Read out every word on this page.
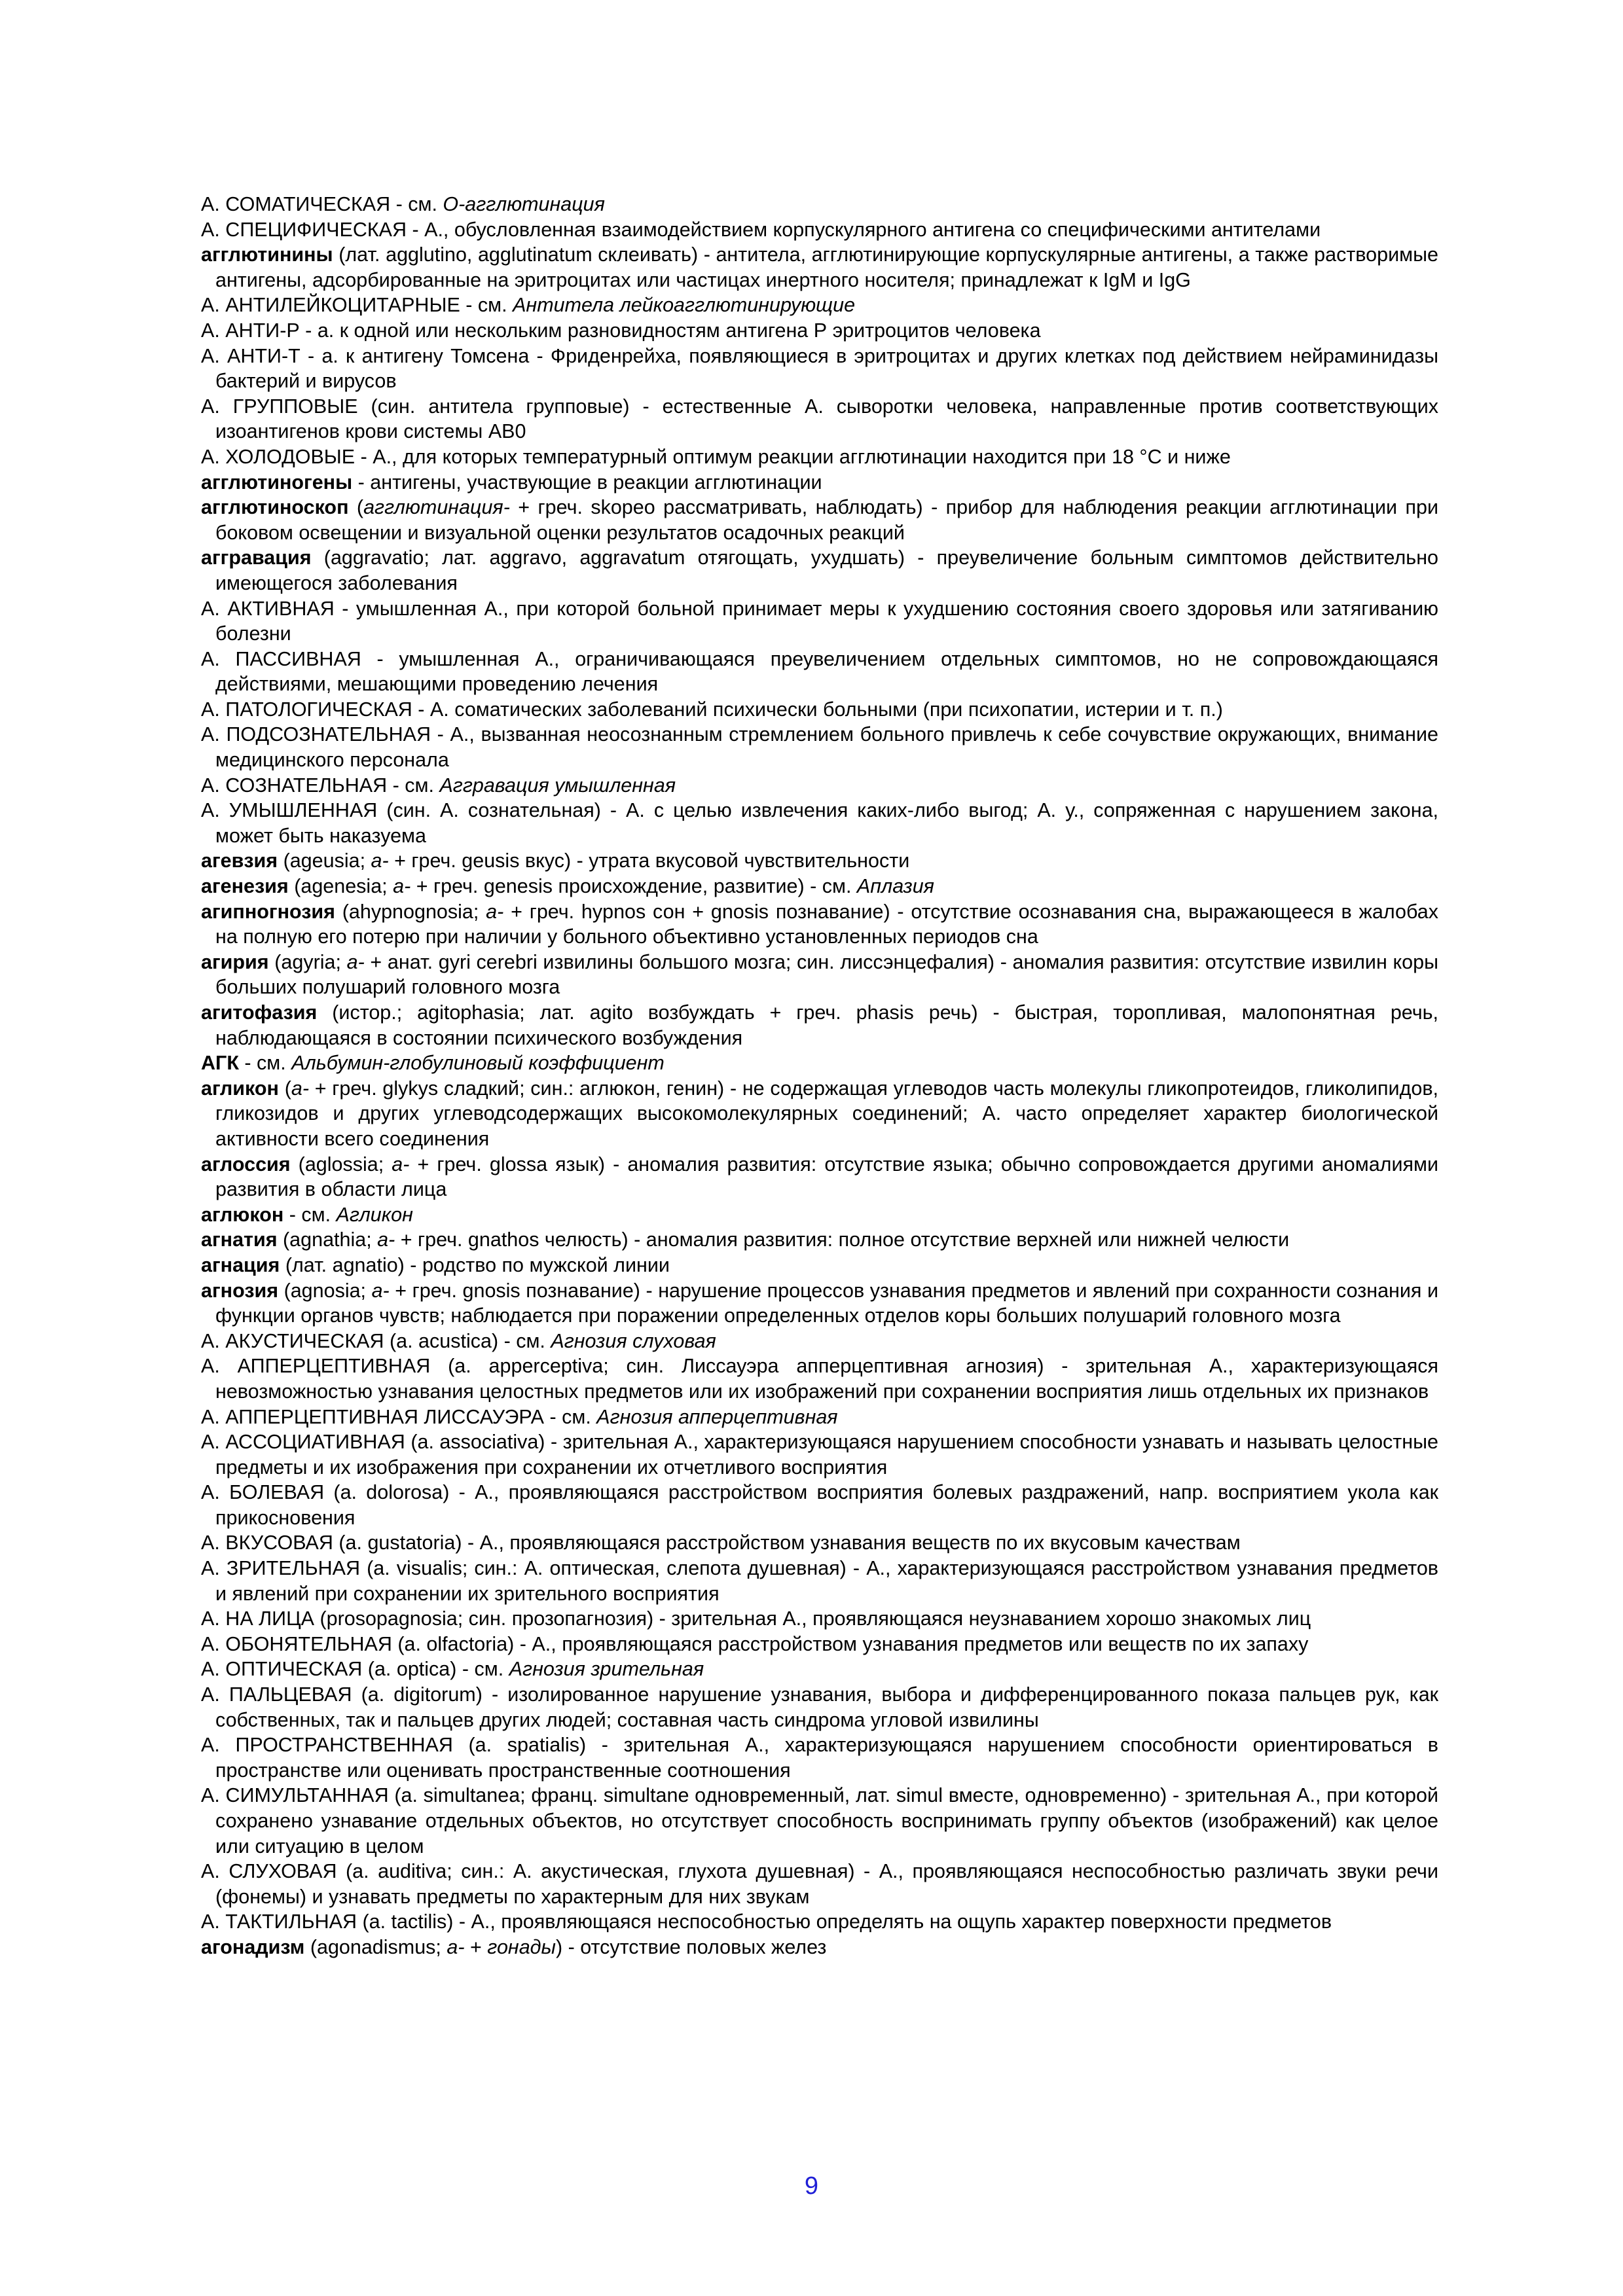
А. СОМАТИЧЕСКАЯ - см. О-агглютинация

А. СПЕЦИФИЧЕСКАЯ - А., обусловленная взаимодействием корпускулярного антигена со специфическими антителами

агглютинины (лат. agglutino, agglutinatum склеивать) - антитела, агглютинирующие корпускулярные антигены, а также растворимые антигены, адсорбированные на эритроцитах или частицах инертного носителя; принадлежат к IgM и IgG

А. АНТИЛЕЙКОЦИТАРНЫЕ - см. Антитела лейкоагглютинирующие

А. АНТИ-Р - а. к одной или нескольким разновидностям антигена Р эритроцитов человека

А. АНТИ-Т - а. к антигену Томсена - Фриденрейха, появляющиеся в эритроцитах и других клетках под действием нейраминидазы бактерий и вирусов

А. ГРУППОВЫЕ (син. антитела групповые) - естественные А. сыворотки человека, направленные против соответствующих изоантигенов крови системы АВ0

А. ХОЛОДОВЫЕ - А., для которых температурный оптимум реакции агглютинации находится при 18 °С и ниже

агглютиногены - антигены, участвующие в реакции агглютинации

агглютиноскоп (агглютинация- + греч. skopeo рассматривать, наблюдать) - прибор для наблюдения реакции агглютинации при боковом освещении и визуальной оценки результатов осадочных реакций

аггравация (aggravatio; лат. aggravo, aggravatum отягощать, ухудшать) - преувеличение больным симптомов действительно имеющегося заболевания

А. АКТИВНАЯ - умышленная А., при которой больной принимает меры к ухудшению состояния своего здоровья или затягиванию болезни

А. ПАССИВНАЯ - умышленная А., ограничивающаяся преувеличением отдельных симптомов, но не сопровождающаяся действиями, мешающими проведению лечения

А. ПАТОЛОГИЧЕСКАЯ - А. соматических заболеваний психически больными (при психопатии, истерии и т. п.)

А. ПОДСОЗНАТЕЛЬНАЯ - А., вызванная неосознанным стремлением больного привлечь к себе сочувствие окружающих, внимание медицинского персонала

А. СОЗНАТЕЛЬНАЯ - см. Аггравация умышленная

А. УМЫШЛЕННАЯ (син. А. сознательная) - А. с целью извлечения каких-либо выгод; А. у., сопряженная с нарушением закона, может быть наказуема

агевзия (ageusia; а- + греч. geusis вкус) - утрата вкусовой чувствительности

агенезия (agenesia; а- + греч. genesis происхождение, развитие) - см. Аплазия

агипногнозия (ahypnognosia; а- + греч. hypnos сон + gnosis познавание) - отсутствие осознавания сна, выражающееся в жалобах на полную его потерю при наличии у больного объективно установленных периодов сна

агирия (agyria; а- + анат. gyri cerebri извилины большого мозга; син. лиссэнцефалия) - аномалия развития: отсутствие извилин коры больших полушарий головного мозга

агитофазия (истор.; agitophasia; лат. agito возбуждать + греч. phasis речь) - быстрая, торопливая, малопонятная речь, наблюдающаяся в состоянии психического возбуждения

АГК - см. Альбумин-глобулиновый коэффициент

агликон (а- + греч. glykys сладкий; син.: аглюкон, генин) - не содержащая углеводов часть молекулы гликопротеидов, гликолипидов, гликозидов и других углеводсодержащих высокомолекулярных соединений; А. часто определяет характер биологической активности всего соединения

аглоссия (aglossia; а- + греч. glossa язык) - аномалия развития: отсутствие языка; обычно сопровождается другими аномалиями развития в области лица

аглюкон - см. Агликон

агнатия (agnathia; а- + греч. gnathos челюсть) - аномалия развития: полное отсутствие верхней или нижней челюсти

агнация (лат. agnatio) - родство по мужской линии

агнозия (agnosia; а- + греч. gnosis познавание) - нарушение процессов узнавания предметов и явлений при сохранности сознания и функции органов чувств; наблюдается при поражении определенных отделов коры больших полушарий головного мозга

А. АКУСТИЧЕСКАЯ (a. acustica) - см. Агнозия слуховая

А. АППЕРЦЕПТИВНАЯ (a. apperceptiva; син. Лиссауэра апперцептивная агнозия) - зрительная А., характеризующаяся невозможностью узнавания целостных предметов или их изображений при сохранении восприятия лишь отдельных их признаков

А. АППЕРЦЕПТИВНАЯ ЛИССАУЭРА - см. Агнозия апперцептивная

А. АССОЦИАТИВНАЯ (a. associativa) - зрительная А., характеризующаяся нарушением способности узнавать и называть целостные предметы и их изображения при сохранении их отчетливого восприятия

А. БОЛЕВАЯ (a. dolorosa) - А., проявляющаяся расстройством восприятия болевых раздражений, напр. восприятием укола как прикосновения

А. ВКУСОВАЯ (a. gustatoria) - А., проявляющаяся расстройством узнавания веществ по их вкусовым качествам

А. ЗРИТЕЛЬНАЯ (a. visualis; син.: А. оптическая, слепота душевная) - А., характеризующаяся расстройством узнавания предметов и явлений при сохранении их зрительного восприятия

А. НА ЛИЦА (prosopagnosia; син. прозопагнозия) - зрительная А., проявляющаяся неузнаванием хорошо знакомых лиц

А. ОБОНЯТЕЛЬНАЯ (a. olfactoria) - А., проявляющаяся расстройством узнавания предметов или веществ по их запаху

А. ОПТИЧЕСКАЯ (a. optica) - см. Агнозия зрительная

А. ПАЛЬЦЕВАЯ (a. digitorum) - изолированное нарушение узнавания, выбора и дифференцированного показа пальцев рук, как собственных, так и пальцев других людей; составная часть синдрома угловой извилины

А. ПРОСТРАНСТВЕННАЯ (a. spatialis) - зрительная А., характеризующаяся нарушением способности ориентироваться в пространстве или оценивать пространственные соотношения

А. СИМУЛЬТАННАЯ (a. simultanea; франц. simultane одновременный, лат. simul вместе, одновременно) - зрительная А., при которой сохранено узнавание отдельных объектов, но отсутствует способность воспринимать группу объектов (изображений) как целое или ситуацию в целом

А. СЛУХОВАЯ (a. auditiva; син.: А. акустическая, глухота душевная) - А., проявляющаяся неспособностью различать звуки речи (фонемы) и узнавать предметы по характерным для них звукам

А. ТАКТИЛЬНАЯ (a. tactilis) - А., проявляющаяся неспособностью определять на ощупь характер поверхности предметов

агонадизм (agonadismus; а- + гонады) - отсутствие половых желез

9
